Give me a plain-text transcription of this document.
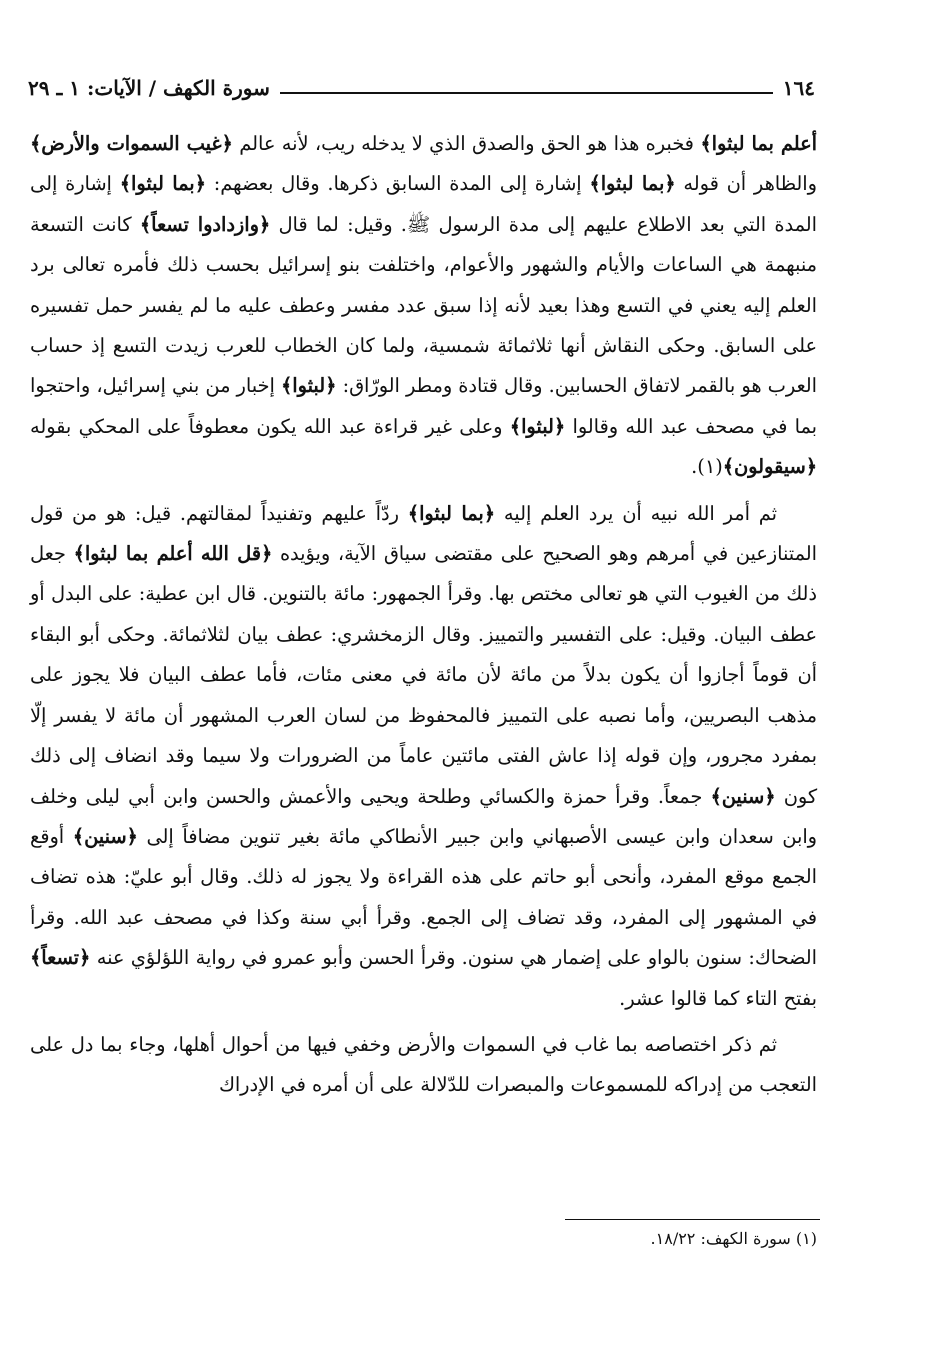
١٦٤
سورة الكهف / الآيات: ١ ـ ٢٩

أعلم بما لبثوا﴾ فخبره هذا هو الحق والصدق الذي لا يدخله ريب، لأنه عالم ﴿غيب السموات والأرض﴾ والظاهر أن قوله ﴿بما لبثوا﴾ إشارة إلى المدة السابق ذكرها. وقال بعضهم: ﴿بما لبثوا﴾ إشارة إلى المدة التي بعد الاطلاع عليهم إلى مدة الرسول ﷺ. وقيل: لما قال ﴿وازدادوا تسعاً﴾ كانت التسعة منبهمة هي الساعات والأيام والشهور والأعوام، واختلفت بنو إسرائيل بحسب ذلك فأمره تعالى برد العلم إليه يعني في التسع وهذا بعيد لأنه إذا سبق عدد مفسر وعطف عليه ما لم يفسر حمل تفسيره على السابق. وحكى النقاش أنها ثلاثمائة شمسية، ولما كان الخطاب للعرب زيدت التسع إذ حساب العرب هو بالقمر لاتفاق الحسابين. وقال قتادة ومطر الورّاق: ﴿لبثوا﴾ إخبار من بني إسرائيل، واحتجوا بما في مصحف عبد الله وقالوا ﴿لبثوا﴾ وعلى غير قراءة عبد الله يكون معطوفاً على المحكي بقوله ﴿سيقولون﴾(١).

ثم أمر الله نبيه أن يرد العلم إليه ﴿بما لبثوا﴾ ردّاً عليهم وتفنيداً لمقالتهم. قيل: هو من قول المتنازعين في أمرهم وهو الصحيح على مقتضى سياق الآية، ويؤيده ﴿قل الله أعلم بما لبثوا﴾ جعل ذلك من الغيوب التي هو تعالى مختص بها. وقرأ الجمهور: مائة بالتنوين. قال ابن عطية: على البدل أو عطف البيان. وقيل: على التفسير والتمييز. وقال الزمخشري: عطف بيان لثلاثمائة. وحكى أبو البقاء أن قوماً أجازوا أن يكون بدلاً من مائة لأن مائة في معنى مئات، فأما عطف البيان فلا يجوز على مذهب البصريين، وأما نصبه على التمييز فالمحفوظ من لسان العرب المشهور أن مائة لا يفسر إلّا بمفرد مجرور، وإن قوله إذا عاش الفتى مائتين عاماً من الضرورات ولا سيما وقد انضاف إلى ذلك كون ﴿سنين﴾ جمعاً. وقرأ حمزة والكسائي وطلحة ويحيى والأعمش والحسن وابن أبي ليلى وخلف وابن سعدان وابن عيسى الأصبهاني وابن جبير الأنطاكي مائة بغير تنوين مضافاً إلى ﴿سنين﴾ أوقع الجمع موقع المفرد، وأنحى أبو حاتم على هذه القراءة ولا يجوز له ذلك. وقال أبو عليّ: هذه تضاف في المشهور إلى المفرد، وقد تضاف إلى الجمع. وقرأ أبي سنة وكذا في مصحف عبد الله. وقرأ الضحاك: سنون بالواو على إضمار هي سنون. وقرأ الحسن وأبو عمرو في رواية اللؤلؤي عنه ﴿تسعاً﴾ بفتح التاء كما قالوا عشر.

ثم ذكر اختصاصه بما غاب في السموات والأرض وخفي فيها من أحوال أهلها، وجاء بما دل على التعجب من إدراكه للمسموعات والمبصرات للدّلالة على أن أمره في الإدراك

(١) سورة الكهف: ١٨/٢٢.
